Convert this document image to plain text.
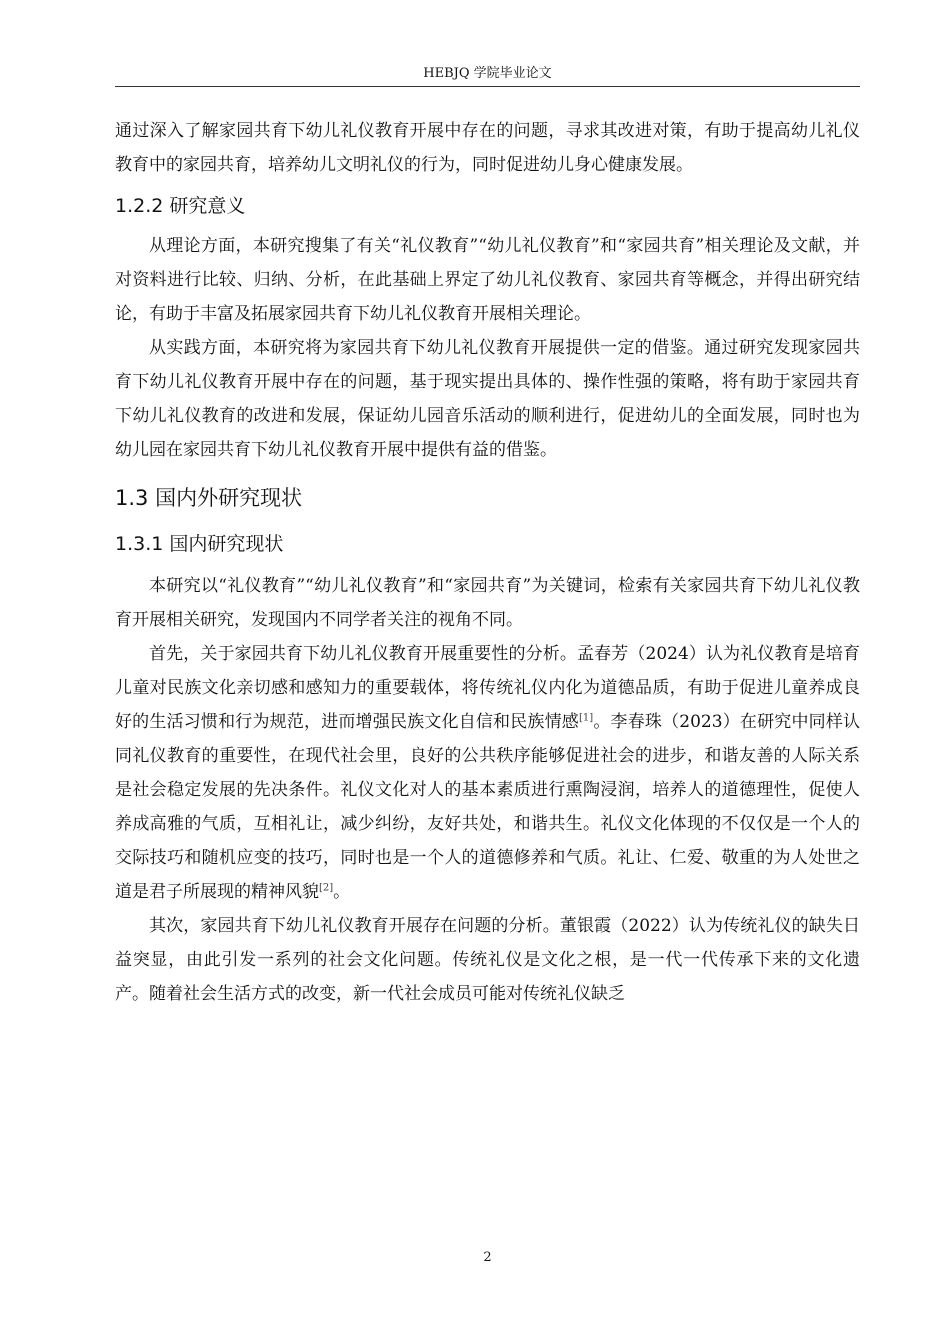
HEBJQ 学院毕业论文

通过深入了解家园共育下幼儿礼仪教育开展中存在的问题，寻求其改进对策，有助于提高幼儿礼仪教育中的家园共育，培养幼儿文明礼仪的行为，同时促进幼儿身心健康发展。

1.2.2 研究意义

从理论方面，本研究搜集了有关“礼仪教育”“幼儿礼仪教育”和“家园共育”相关理论及文献，并对资料进行比较、归纳、分析，在此基础上界定了幼儿礼仪教育、家园共育等概念，并得出研究结论，有助于丰富及拓展家园共育下幼儿礼仪教育开展相关理论。

从实践方面，本研究将为家园共育下幼儿礼仪教育开展提供一定的借鉴。通过研究发现家园共育下幼儿礼仪教育开展中存在的问题，基于现实提出具体的、操作性强的策略，将有助于家园共育下幼儿礼仪教育的改进和发展，保证幼儿园音乐活动的顺利进行，促进幼儿的全面发展，同时也为幼儿园在家园共育下幼儿礼仪教育开展中提供有益的借鉴。

1.3 国内外研究现状
1.3.1 国内研究现状

本研究以“礼仪教育”“幼儿礼仪教育”和“家园共育”为关键词，检索有关家园共育下幼儿礼仪教育开展相关研究，发现国内不同学者关注的视角不同。

首先，关于家园共育下幼儿礼仪教育开展重要性的分析。孟春芳（2024）认为礼仪教育是培育儿童对民族文化亲切感和感知力的重要载体，将传统礼仪内化为道德品质，有助于促进儿童养成良好的生活习惯和行为规范，进而增强民族文化自信和民族情感[1]。李春珠（2023）在研究中同样认同礼仪教育的重要性，在现代社会里，良好的公共秩序能够促进社会的进步，和谐友善的人际关系是社会稳定发展的先决条件。礼仪文化对人的基本素质进行熏陶浸润，培养人的道德理性，促使人养成高雅的气质，互相礼让，减少纠纷，友好共处，和谐共生。礼仪文化体现的不仅仅是一个人的交际技巧和随机应变的技巧，同时也是一个人的道德修养和气质。礼让、仁爱、敬重的为人处世之道是君子所展现的精神风貌[2]。

其次，家园共育下幼儿礼仪教育开展存在问题的分析。董银霞（2022）认为传统礼仪的缺失日益突显，由此引发一系列的社会文化问题。传统礼仪是文化之根，是一代一代传承下来的文化遗产。随着社会生活方式的改变，新一代社会成员可能对传统礼仪缺乏

2
